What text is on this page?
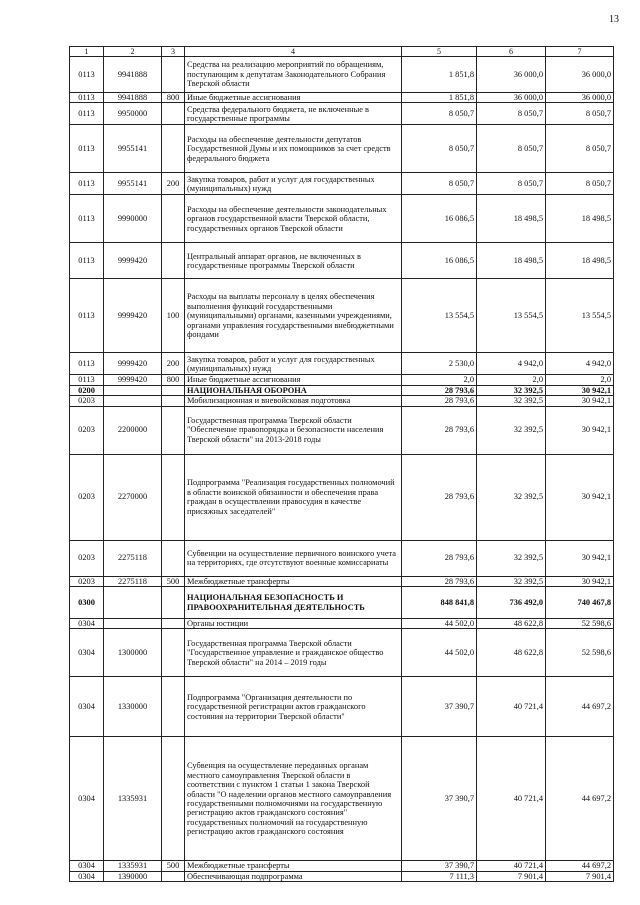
13
1	2	3	4	5	6	7
0113	9941888		Средства на реализацию мероприятий по обращениям, поступающим к депутатам Законодательного Собрания Тверской области	1 851,8	36 000,0	36 000,0
0113	9941888	800	Иные бюджетные ассигнования	1 851,8	36 000,0	36 000,0
0113	9950000		Средства федерального бюджета, не включенные в государственные программы	8 050,7	8 050,7	8 050,7
0113	9955141		Расходы на обеспечение деятельности депутатов Государственной Думы и их помощников за счет средств федерального бюджета	8 050,7	8 050,7	8 050,7
0113	9955141	200	Закупка товаров, работ и услуг для государственных (муниципальных) нужд	8 050,7	8 050,7	8 050,7
0113	9990000		Расходы на обеспечение деятельности законодательных органов государственной власти Тверской области, государственных органов Тверской области	16 086,5	18 498,5	18 498,5
0113	9999420		Центральный аппарат органов, не включенных в государственные программы Тверской области	16 086,5	18 498,5	18 498,5
0113	9999420	100	Расходы на выплаты персоналу в целях обеспечения выполнения функций государственными (муниципальными) органами, казенными учреждениями, органами управления государственными внебюджетными фондами	13 554,5	13 554,5	13 554,5
0113	9999420	200	Закупка товаров, работ и услуг для государственных (муниципальных) нужд	2 530,0	4 942,0	4 942,0
0113	9999420	800	Иные бюджетные ассигнования	2,0	2,0	2,0
0200			НАЦИОНАЛЬНАЯ ОБОРОНА	28 793,6	32 392,5	30 942,1
0203			Мобилизационная и вневойсковая подготовка	28 793,6	32 392,5	30 942,1
0203	2200000		Государственная программа Тверской области "Обеспечение правопорядка и безопасности населения Тверской области" на 2013-2018 годы	28 793,6	32 392,5	30 942,1
0203	2270000		Подпрограмма "Реализация государственных полномочий в области воинской обязанности и обеспечения права граждан в осуществлении правосудия в качестве присяжных заседателей"	28 793,6	32 392,5	30 942,1
0203	2275118		Субвенции на осуществление первичного воинского учета на территориях, где отсутствуют военные комиссариаты	28 793,6	32 392,5	30 942,1
0203	2275118	500	Межбюджетные трансферты	28 793,6	32 392,5	30 942,1
0300			НАЦИОНАЛЬНАЯ БЕЗОПАСНОСТЬ И ПРАВООХРАНИТЕЛЬНАЯ ДЕЯТЕЛЬНОСТЬ	848 841,8	736 492,0	740 467,8
0304			Органы юстиции	44 502,0	48 622,8	52 598,6
0304	1300000		Государственная программа Тверской области "Государственное управление и гражданское общество Тверской области" на 2014 – 2019 годы	44 502,0	48 622,8	52 598,6
0304	1330000		Подпрограмма "Организация деятельности по государственной регистрации актов гражданского состояния на территории Тверской области"	37 390,7	40 721,4	44 697,2
0304	1335931		Субвенция на осуществление переданных органам местного самоуправления Тверской области в соответствии с пунктом 1 статьи 1 закона Тверской области "О наделении органов местного самоуправления государственными полномочиями на государственную регистрацию актов гражданского состояния" государственных полномочий на государственную регистрацию актов гражданского состояния	37 390,7	40 721,4	44 697,2
0304	1335931	500	Межбюджетные трансферты	37 390,7	40 721,4	44 697,2
0304	1390000		Обеспечивающая подпрограмма	7 111,3	7 901,4	7 901,4
